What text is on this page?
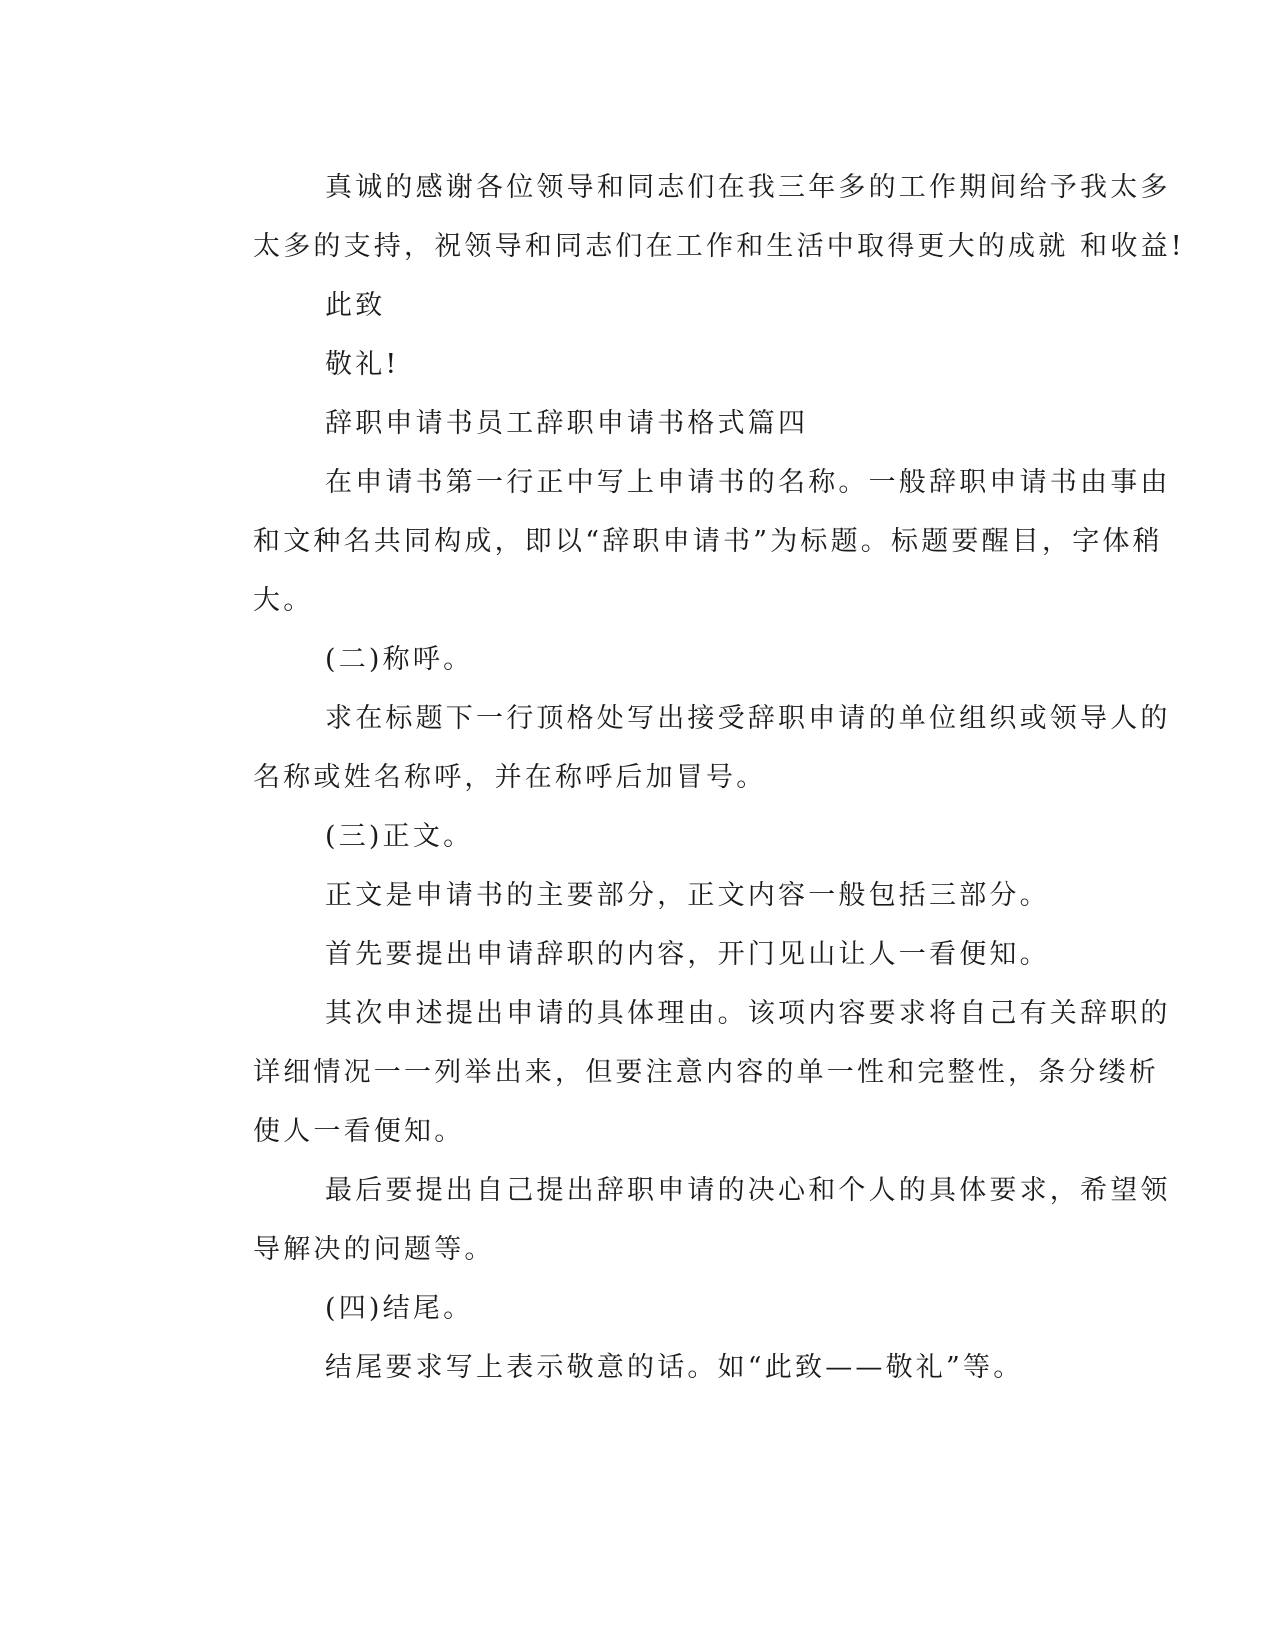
真诚的感谢各位领导和同志们在我三年多的工作期间给予我太多
太多的支持，祝领导和同志们在工作和生活中取得更大的成就 和收益!

此致

敬礼!

辞职申请书员工辞职申请书格式篇四

在申请书第一行正中写上申请书的名称。一般辞职申请书由事由
和文种名共同构成，即以“辞职申请书”为标题。标题要醒目，字体稍
大。

(二)称呼。

求在标题下一行顶格处写出接受辞职申请的单位组织或领导人的
名称或姓名称呼，并在称呼后加冒号。

(三)正文。

正文是申请书的主要部分，正文内容一般包括三部分。

首先要提出申请辞职的内容，开门见山让人一看便知。

其次申述提出申请的具体理由。该项内容要求将自己有关辞职的
详细情况一一列举出来，但要注意内容的单一性和完整性，条分缕析
使人一看便知。

最后要提出自己提出辞职申请的决心和个人的具体要求，希望领
导解决的问题等。

(四)结尾。

结尾要求写上表示敬意的话。如“此致——敬礼”等。
